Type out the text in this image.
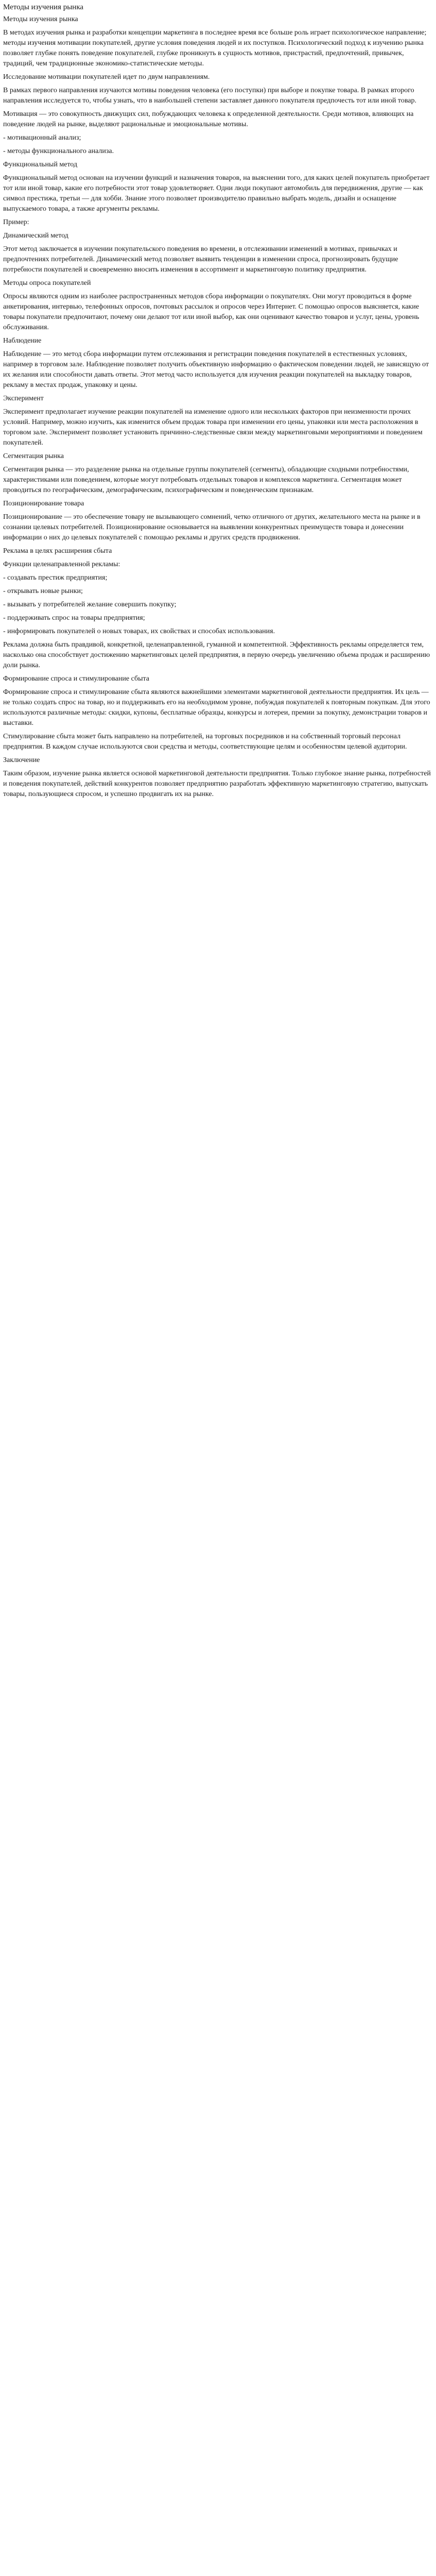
Методы изучения рынка

Методы изучения рынка

В методах изучения рынка и разработки концепции маркетинга в последнее время все больше роль играет психологическое направление; методы изучения мотивации покупателей, другие условия поведения людей и их поступков. Психологический подход к изучению рынка позволяет глубже понять поведение покупателей, глубже проникнуть в сущность мотивов, пристрастий, предпочтений, привычек, традиций, чем традиционные экономико-статистические методы.

Исследование мотивации покупателей идет по двум направлениям.

В рамках первого направления изучаются мотивы поведения человека (его поступки) при выборе и покупке товара. В рамках второго направления исследуется то, чтобы узнать, что в наибольшей степени заставляет данного покупателя предпочесть тот или иной товар.

Мотивация — это совокупность движущих сил, побуждающих человека к определенной деятельности. Среди мотивов, влияющих на поведение людей на рынке, выделяют рациональные и эмоциональные мотивы.

- мотивационный анализ;

- методы функционального анализа.

Функциональный метод

Функциональный метод основан на изучении функций и назначения товаров, на выяснении того, для каких целей покупатель приобретает тот или иной товар, какие его потребности этот товар удовлетворяет. Одни люди покупают автомобиль для передвижения, другие — как символ престижа, третьи — для хобби. Знание этого позволяет производителю правильно выбрать модель, дизайн и оснащение выпускаемого товара, а также аргументы рекламы.

Пример:

Динамический метод

Этот метод заключается в изучении покупательского поведения во времени, в отслеживании изменений в мотивах, привычках и предпочтениях потребителей. Динамический метод позволяет выявить тенденции в изменении спроса, прогнозировать будущие потребности покупателей и своевременно вносить изменения в ассортимент и маркетинговую политику предприятия.

Методы опроса покупателей

Опросы являются одним из наиболее распространенных методов сбора информации о покупателях. Они могут проводиться в форме анкетирования, интервью, телефонных опросов, почтовых рассылок и опросов через Интернет. С помощью опросов выясняется, какие товары покупатели предпочитают, почему они делают тот или иной выбор, как они оценивают качество товаров и услуг, цены, уровень обслуживания.

Наблюдение

Наблюдение — это метод сбора информации путем отслеживания и регистрации поведения покупателей в естественных условиях, например в торговом зале. Наблюдение позволяет получить объективную информацию о фактическом поведении людей, не зависящую от их желания или способности давать ответы. Этот метод часто используется для изучения реакции покупателей на выкладку товаров, рекламу в местах продаж, упаковку и цены.

Эксперимент

Эксперимент предполагает изучение реакции покупателей на изменение одного или нескольких факторов при неизменности прочих условий. Например, можно изучить, как изменится объем продаж товара при изменении его цены, упаковки или места расположения в торговом зале. Эксперимент позволяет установить причинно-следственные связи между маркетинговыми мероприятиями и поведением покупателей.

Сегментация рынка

Сегментация рынка — это разделение рынка на отдельные группы покупателей (сегменты), обладающие сходными потребностями, характеристиками или поведением, которые могут потребовать отдельных товаров и комплексов маркетинга. Сегментация может проводиться по географическим, демографическим, психографическим и поведенческим признакам.

Позиционирование товара

Позиционирование — это обеспечение товару не вызывающего сомнений, четко отличного от других, желательного места на рынке и в сознании целевых потребителей. Позиционирование основывается на выявлении конкурентных преимуществ товара и донесении информации о них до целевых покупателей с помощью рекламы и других средств продвижения.

Реклама в целях расширения сбыта

Функции целенаправленной рекламы:

- создавать престиж предприятия;

- открывать новые рынки;

- вызывать у потребителей желание совершить покупку;

- поддерживать спрос на товары предприятия;

- информировать покупателей о новых товарах, их свойствах и способах использования.

Реклама должна быть правдивой, конкретной, целенаправленной, гуманной и компетентной. Эффективность рекламы определяется тем, насколько она способствует достижению маркетинговых целей предприятия, в первую очередь увеличению объема продаж и расширению доли рынка.

Формирование спроса и стимулирование сбыта

Формирование спроса и стимулирование сбыта являются важнейшими элементами маркетинговой деятельности предприятия. Их цель — не только создать спрос на товар, но и поддерживать его на необходимом уровне, побуждая покупателей к повторным покупкам. Для этого используются различные методы: скидки, купоны, бесплатные образцы, конкурсы и лотереи, премии за покупку, демонстрации товаров и выставки.

Стимулирование сбыта может быть направлено на потребителей, на торговых посредников и на собственный торговый персонал предприятия. В каждом случае используются свои средства и методы, соответствующие целям и особенностям целевой аудитории.

Заключение

Таким образом, изучение рынка является основой маркетинговой деятельности предприятия. Только глубокое знание рынка, потребностей и поведения покупателей, действий конкурентов позволяет предприятию разработать эффективную маркетинговую стратегию, выпускать товары, пользующиеся спросом, и успешно продвигать их на рынке.
